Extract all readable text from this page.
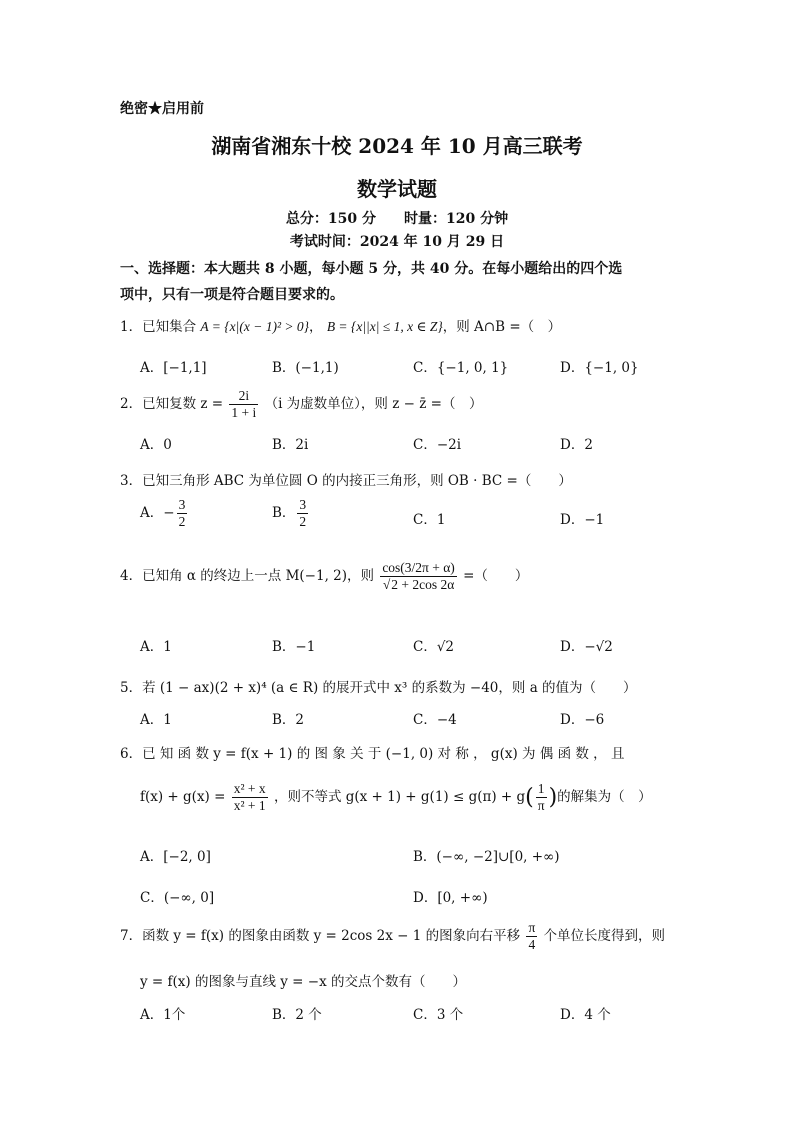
绝密★启用前
湖南省湘东十校 2024 年 10 月高三联考
数学试题
总分：150 分　　时量：120 分钟
考试时间：2024 年 10 月 29 日
一、选择题：本大题共 8 小题，每小题 5 分，共 40 分。在每小题给出的四个选
项中，只有一项是符合题目要求的。
1．已知集合 A = {x|(x − 1)² > 0}， B = {x||x| ≤ 1, x ∈ Z}，则 A∩B =（　）
A．[−1,1]	B．(−1,1)	C．{−1, 0, 1}	D．{−1, 0}
2．已知复数 $z = \frac{2i}{1 + i} (i$ 为虚数单位），则 z − z̄ =（　）
A．0	B．2i	C．−2i	D．2
3．已知三角形 ABC 为单位圆 O 的内接正三角形，则 OB · BC =（　　）
A．− $\frac{3}{2}$	B． $\frac{3}{2}$	C．1	D．−1
4．已知角 α 的终边上一点 M(−1, 2)，则 $\frac{\cos(3/2\pi + \alpha)}{√2 + 2\cos 2\alpha}$ =（　　）
A．1	B．−1	C．√2	D．−√2
5．若 (1 − ax)(2 + x)⁴ (a ∈ R) 的展开式中 x³ 的系数为 −40，则 a 的值为（　　）
A．1	B．2	C．−4	D．−6
6．已 知 函 数 y = f(x + 1) 的 图 象 关 于 (−1, 0) 对 称 ， g(x) 为 偶 函 数 ， 且
$f(x) + g(x) = \frac{\text{x² + x}}{\text{x² + 1}}$ ，则不等式 $g(x + 1) + g(1) \le g(\pi) + g( \frac{1}{\pi}$ )的解集为（　）
A．[−2, 0]	B．(−∞, −2]∪[0, +∞)
C．(−∞, 0]	D．[0, +∞)
7．函数 y = f(x) 的图象由函数 y = 2cos 2x − 1 的图象向右平移 $\frac{\pi}{4}$ 个单位长度得到，则
y = f(x) 的图象与直线 y = −x 的交点个数有（　　）
A．1个	B．2 个	C．3 个	D．4 个
